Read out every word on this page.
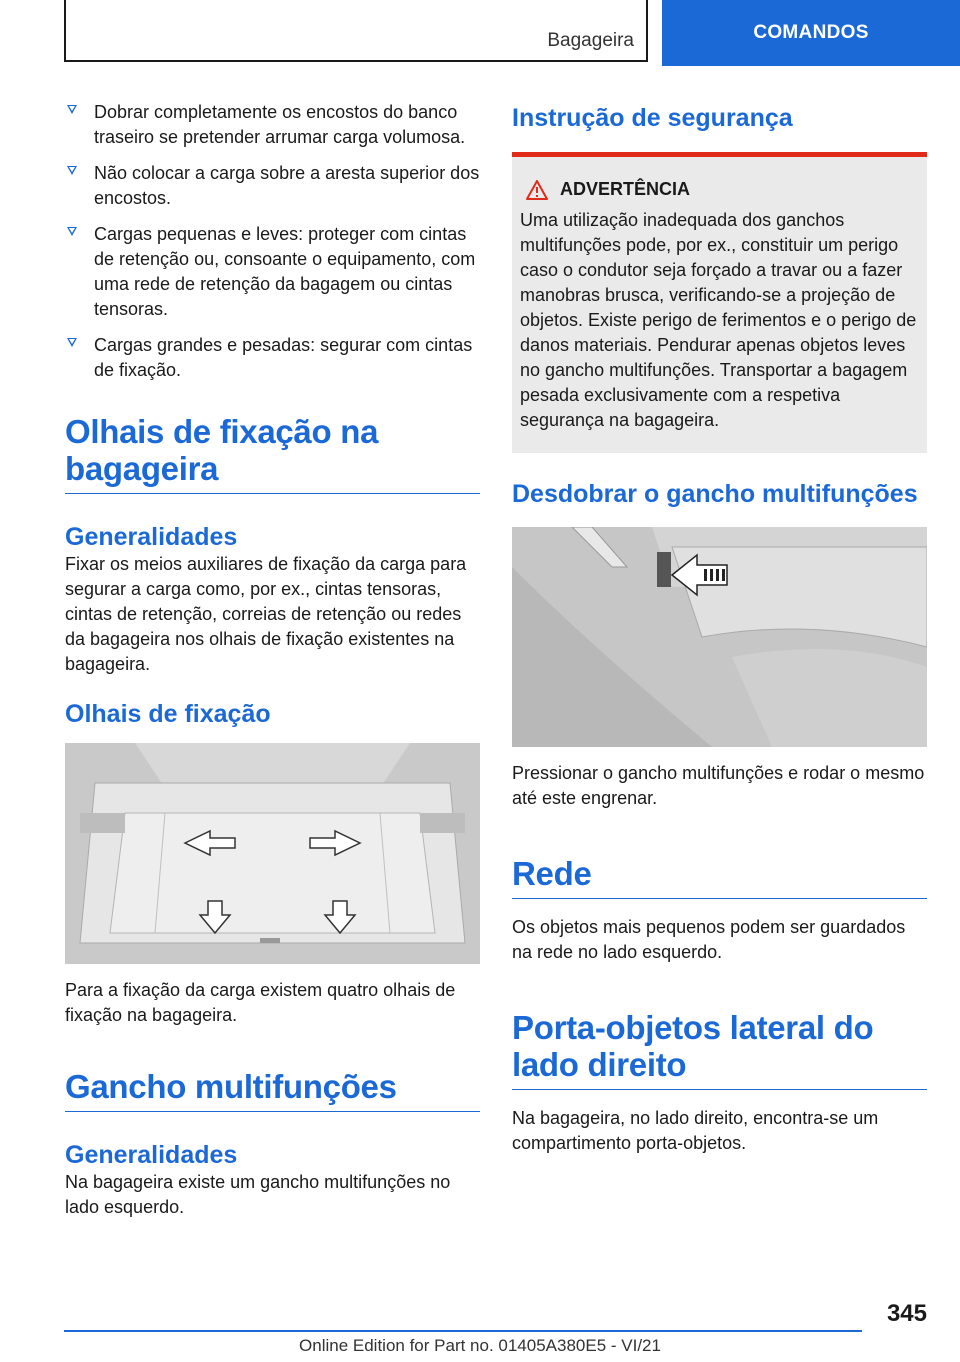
Bagageira	COMANDOS
Dobrar completamente os encostos do banco traseiro se pretender arrumar carga volumosa.
Não colocar a carga sobre a aresta superior dos encostos.
Cargas pequenas e leves: proteger com cintas de retenção ou, consoante o equipamento, com uma rede de retenção da bagagem ou cintas tensoras.
Cargas grandes e pesadas: segurar com cintas de fixação.
Olhais de fixação na bagageira
Generalidades

Fixar os meios auxiliares de fixação da carga para segurar a carga como, por ex., cintas tensoras, cintas de retenção, correias de retenção ou redes da bagageira nos olhais de fixação existentes na bagageira.

Olhais de fixação

Para a fixação da carga existem quatro olhais de fixação na bagageira.

Gancho multifunções
Generalidades

Na bagageira existe um gancho multifunções no lado esquerdo.

Instrução de segurança
ADVERTÊNCIA

Uma utilização inadequada dos ganchos multifunções pode, por ex., constituir um perigo caso o condutor seja forçado a travar ou a fazer manobras brusca, verificando-se a projeção de objetos. Existe perigo de ferimentos e o perigo de danos materiais. Pendurar apenas objetos leves no gancho multifunções. Transportar a bagagem pesada exclusivamente com a respetiva segurança na bagageira.

Desdobrar o gancho multifunções

Pressionar o gancho multifunções e rodar o mesmo até este engrenar.

Rede

Os objetos mais pequenos podem ser guardados na rede no lado esquerdo.

Porta-objetos lateral do lado direito

Na bagageira, no lado direito, encontra-se um compartimento porta-objetos.

345
Online Edition for Part no. 01405A380E5 - VI/21
